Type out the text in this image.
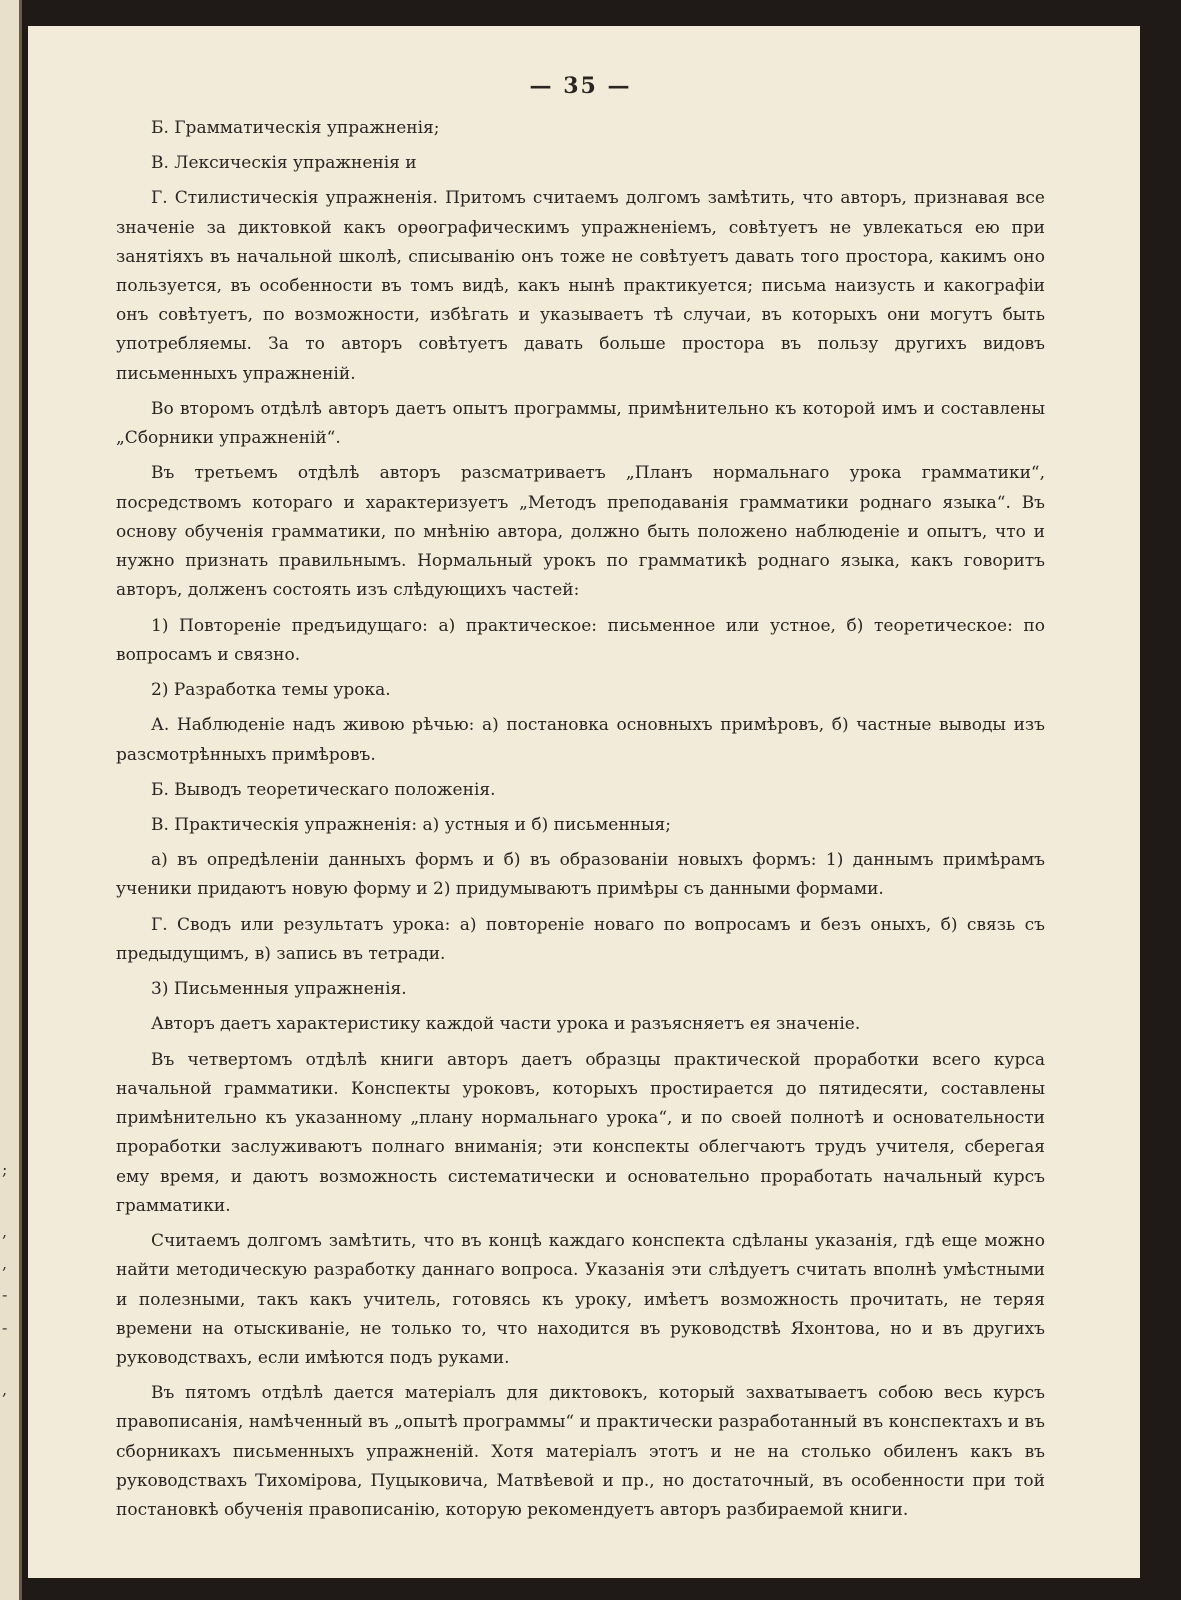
;
,
,
-
-
,
— 35 —

Б. Грамматическія упражненія;

В. Лексическія упражненія и

Г. Стилистическія упражненія. Притомъ считаемъ долгомъ замѣтить, что авторъ, признавая все значеніе за диктовкой какъ орѳографическимъ упражненіемъ, совѣтуетъ не увлекаться ею при занятіяхъ въ начальной школѣ, списыванію онъ тоже не совѣтуетъ давать того простора, какимъ оно пользуется, въ особенности въ томъ видѣ, какъ нынѣ практикуется; письма наизусть и какографіи онъ совѣтуетъ, по возможности, избѣгать и указываетъ тѣ случаи, въ которыхъ они могутъ быть употребляемы. За то авторъ совѣтуетъ давать больше простора въ пользу другихъ видовъ письменныхъ упражненій.

Во второмъ отдѣлѣ авторъ даетъ опытъ программы, примѣнительно къ которой имъ и составлены „Сборники упражненій“.

Въ третьемъ отдѣлѣ авторъ разсматриваетъ „Планъ нормальнаго урока грамматики“, посредствомъ котораго и характеризуетъ „Методъ преподаванія грамматики роднаго языка“. Въ основу обученія грамматики, по мнѣнію автора, должно быть положено наблюденіе и опытъ, что и нужно признать правильнымъ. Нормальный урокъ по грамматикѣ роднаго языка, какъ говоритъ авторъ, долженъ состоять изъ слѣдующихъ частей:

1) Повтореніе предъидущаго: а) практическое: письменное или устное, б) теоретическое: по вопросамъ и связно.

2) Разработка темы урока.

А. Наблюденіе надъ живою рѣчью: а) постановка основныхъ примѣровъ, б) частные выводы изъ разсмотрѣнныхъ примѣровъ.

Б. Выводъ теоретическаго положенія.

В. Практическія упражненія: а) устныя и б) письменныя;

а) въ опредѣленіи данныхъ формъ и б) въ образованіи новыхъ формъ: 1) даннымъ примѣрамъ ученики придаютъ новую форму и 2) придумываютъ примѣры съ данными формами.

Г. Сводъ или результатъ урока: а) повтореніе новаго по вопросамъ и безъ оныхъ, б) связь съ предыдущимъ, в) запись въ тетради.

3) Письменныя упражненія.

Авторъ даетъ характеристику каждой части урока и разъясняетъ ея значеніе.

Въ четвертомъ отдѣлѣ книги авторъ даетъ образцы практической проработки всего курса начальной грамматики. Конспекты уроковъ, которыхъ простирается до пятидесяти, составлены примѣнительно къ указанному „плану нормальнаго урока“, и по своей полнотѣ и основательности проработки заслуживаютъ полнаго вниманія; эти конспекты облегчаютъ трудъ учителя, сберегая ему время, и даютъ возможность систематически и основательно проработать начальный курсъ грамматики.

Считаемъ долгомъ замѣтить, что въ концѣ каждаго конспекта сдѣланы указанія, гдѣ еще можно найти методическую разработку даннаго вопроса. Указанія эти слѣдуетъ считать вполнѣ умѣстными и полезными, такъ какъ учитель, готовясь къ уроку, имѣетъ возможность прочитать, не теряя времени на отыскиваніе, не только то, что находится въ руководствѣ Яхонтова, но и въ другихъ руководствахъ, если имѣются подъ руками.

Въ пятомъ отдѣлѣ дается матеріалъ для диктовокъ, который захватываетъ собою весь курсъ правописанія, намѣченный въ „опытѣ программы“ и практически разработанный въ конспектахъ и въ сборникахъ письменныхъ упражненій. Хотя матеріалъ этотъ и не на столько обиленъ какъ въ руководствахъ Тихомірова, Пуцыковича, Матвѣевой и пр., но достаточный, въ особенности при той постановкѣ обученія правописанію, которую рекомендуетъ авторъ разбираемой книги.
